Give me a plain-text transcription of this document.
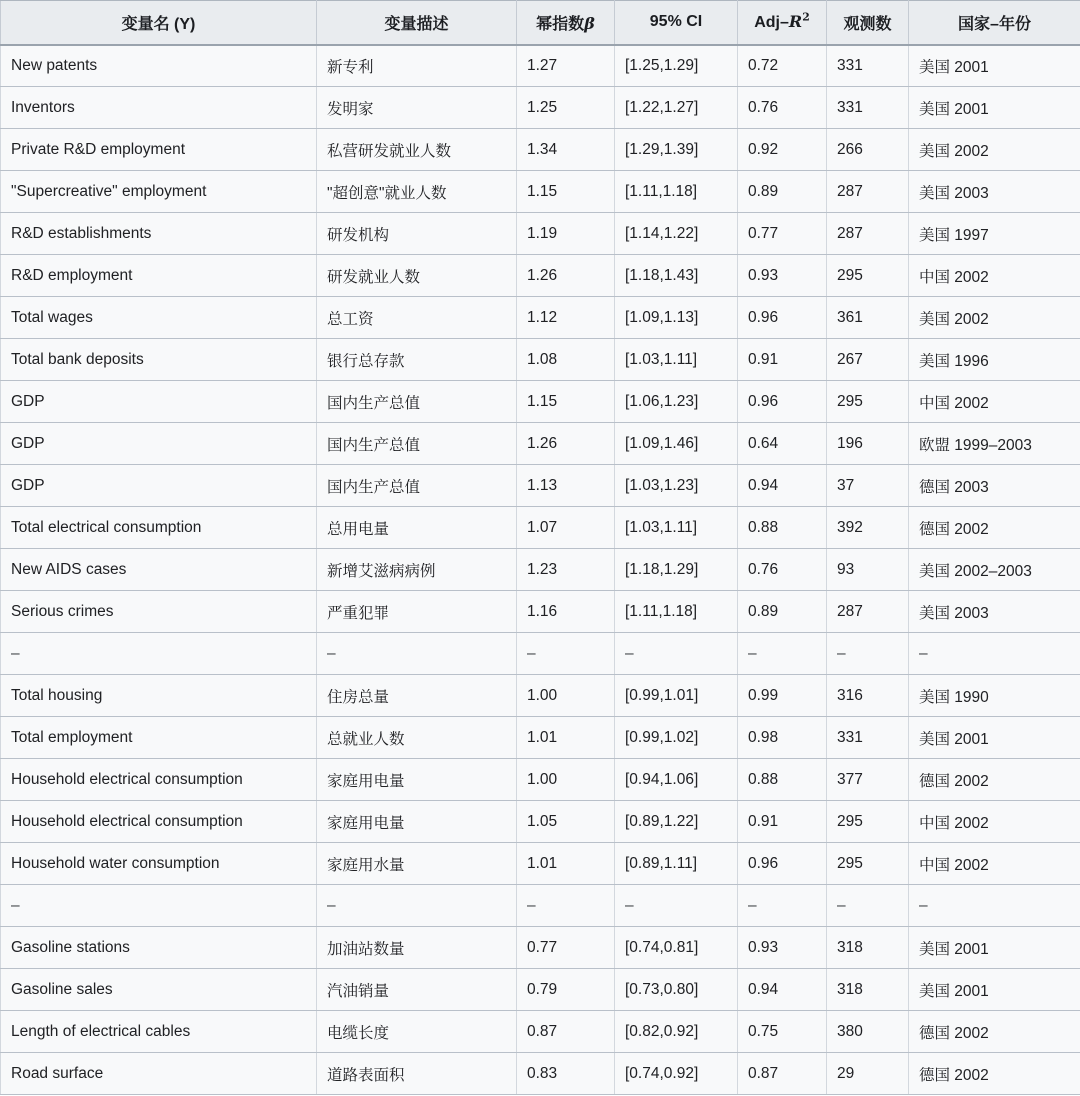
变量名 (Y)	变量描述	幂指数β	95% CI	Adj–$R^2$	观测数	国家–年份
New patents	新专利	1.27	[1.25,1.29]	0.72	331	美国 2001
Inventors	发明家	1.25	[1.22,1.27]	0.76	331	美国 2001
Private R&D employment	私营研发就业人数	1.34	[1.29,1.39]	0.92	266	美国 2002
"Supercreative" employment	"超创意"就业人数	1.15	[1.11,1.18]	0.89	287	美国 2003
R&D establishments	研发机构	1.19	[1.14,1.22]	0.77	287	美国 1997
R&D employment	研发就业人数	1.26	[1.18,1.43]	0.93	295	中国 2002
Total wages	总工资	1.12	[1.09,1.13]	0.96	361	美国 2002
Total bank deposits	银行总存款	1.08	[1.03,1.11]	0.91	267	美国 1996
GDP	国内生产总值	1.15	[1.06,1.23]	0.96	295	中国 2002
GDP	国内生产总值	1.26	[1.09,1.46]	0.64	196	欧盟 1999–2003
GDP	国内生产总值	1.13	[1.03,1.23]	0.94	37	德国 2003
Total electrical consumption	总用电量	1.07	[1.03,1.11]	0.88	392	德国 2002
New AIDS cases	新增艾滋病病例	1.23	[1.18,1.29]	0.76	93	美国 2002–2003
Serious crimes	严重犯罪	1.16	[1.11,1.18]	0.89	287	美国 2003
–	–	–	–	–	–	–
Total housing	住房总量	1.00	[0.99,1.01]	0.99	316	美国 1990
Total employment	总就业人数	1.01	[0.99,1.02]	0.98	331	美国 2001
Household electrical consumption	家庭用电量	1.00	[0.94,1.06]	0.88	377	德国 2002
Household electrical consumption	家庭用电量	1.05	[0.89,1.22]	0.91	295	中国 2002
Household water consumption	家庭用水量	1.01	[0.89,1.11]	0.96	295	中国 2002
–	–	–	–	–	–	–
Gasoline stations	加油站数量	0.77	[0.74,0.81]	0.93	318	美国 2001
Gasoline sales	汽油销量	0.79	[0.73,0.80]	0.94	318	美国 2001
Length of electrical cables	电缆长度	0.87	[0.82,0.92]	0.75	380	德国 2002
Road surface	道路表面积	0.83	[0.74,0.92]	0.87	29	德国 2002
